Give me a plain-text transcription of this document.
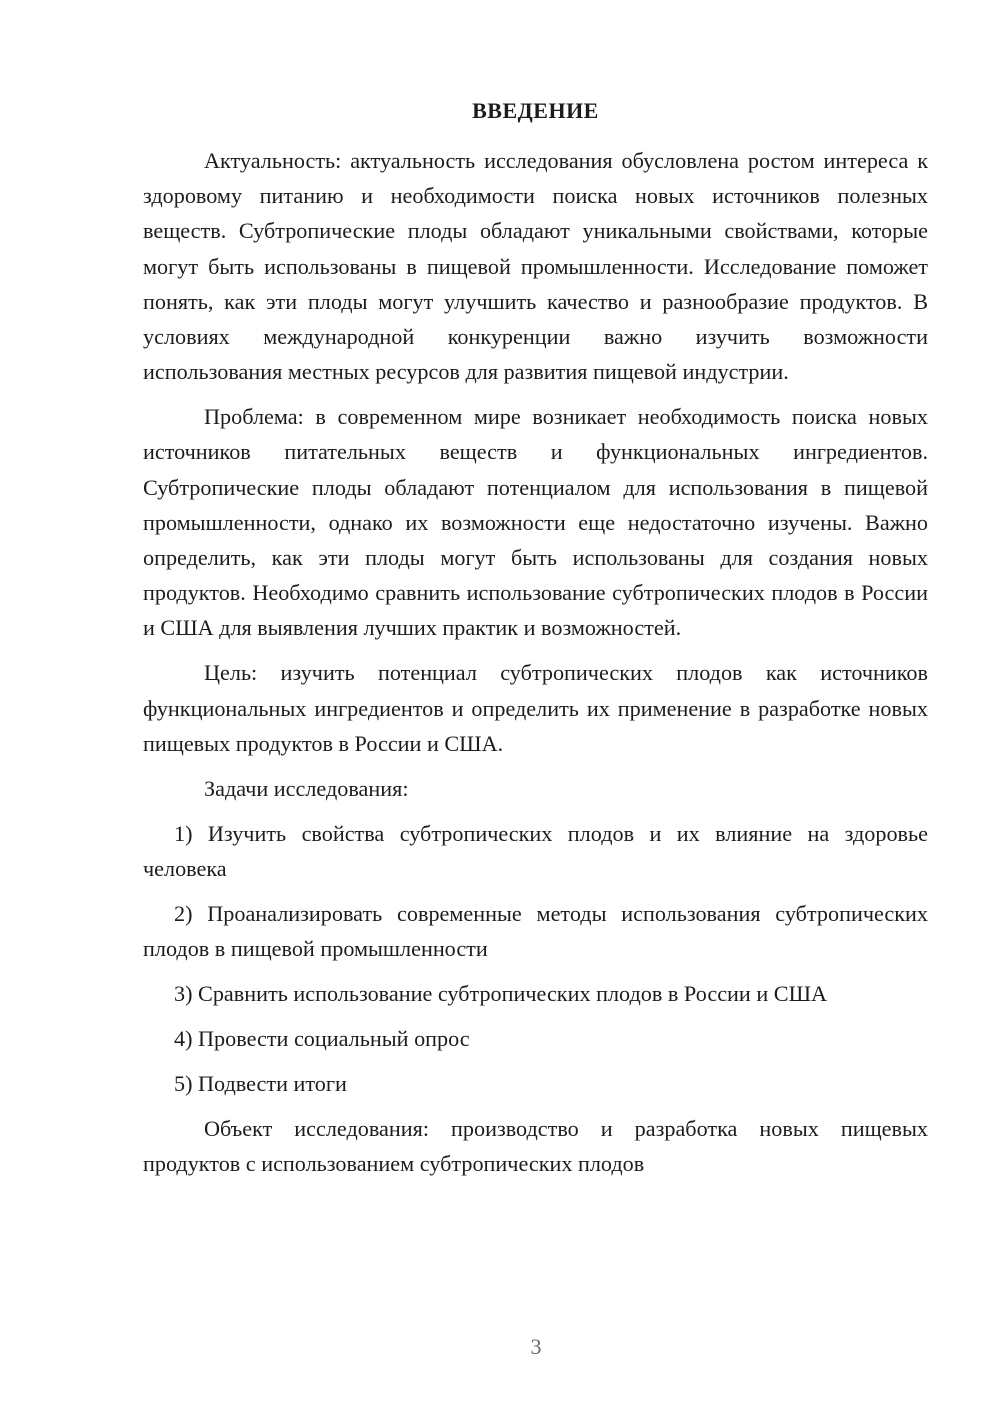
ВВЕДЕНИЕ

Актуальность: актуальность исследования обусловлена ростом интереса к здоровому питанию и необходимости поиска новых источников полезных веществ. Субтропические плоды обладают уникальными свойствами, которые могут быть использованы в пищевой промышленности. Исследование поможет понять, как эти плоды могут улучшить качество и разнообразие продуктов. В условиях международной конкуренции важно изучить возможности использования местных ресурсов для развития пищевой индустрии.

Проблема: в современном мире возникает необходимость поиска новых источников питательных веществ и функциональных ингредиентов. Субтропические плоды обладают потенциалом для использования в пищевой промышленности, однако их возможности еще недостаточно изучены. Важно определить, как эти плоды могут быть использованы для создания новых продуктов. Необходимо сравнить использование субтропических плодов в России и США для выявления лучших практик и возможностей.

Цель: изучить потенциал субтропических плодов как источников функциональных ингредиентов и определить их применение в разработке новых пищевых продуктов в России и США.

Задачи исследования:

1) Изучить свойства субтропических плодов и их влияние на здоровье человека

2) Проанализировать современные методы использования субтропических плодов в пищевой промышленности

3) Сравнить использование субтропических плодов в России и США

4) Провести социальный опрос

5) Подвести итоги

Объект исследования: производство и разработка новых пищевых продуктов с использованием субтропических плодов

3
